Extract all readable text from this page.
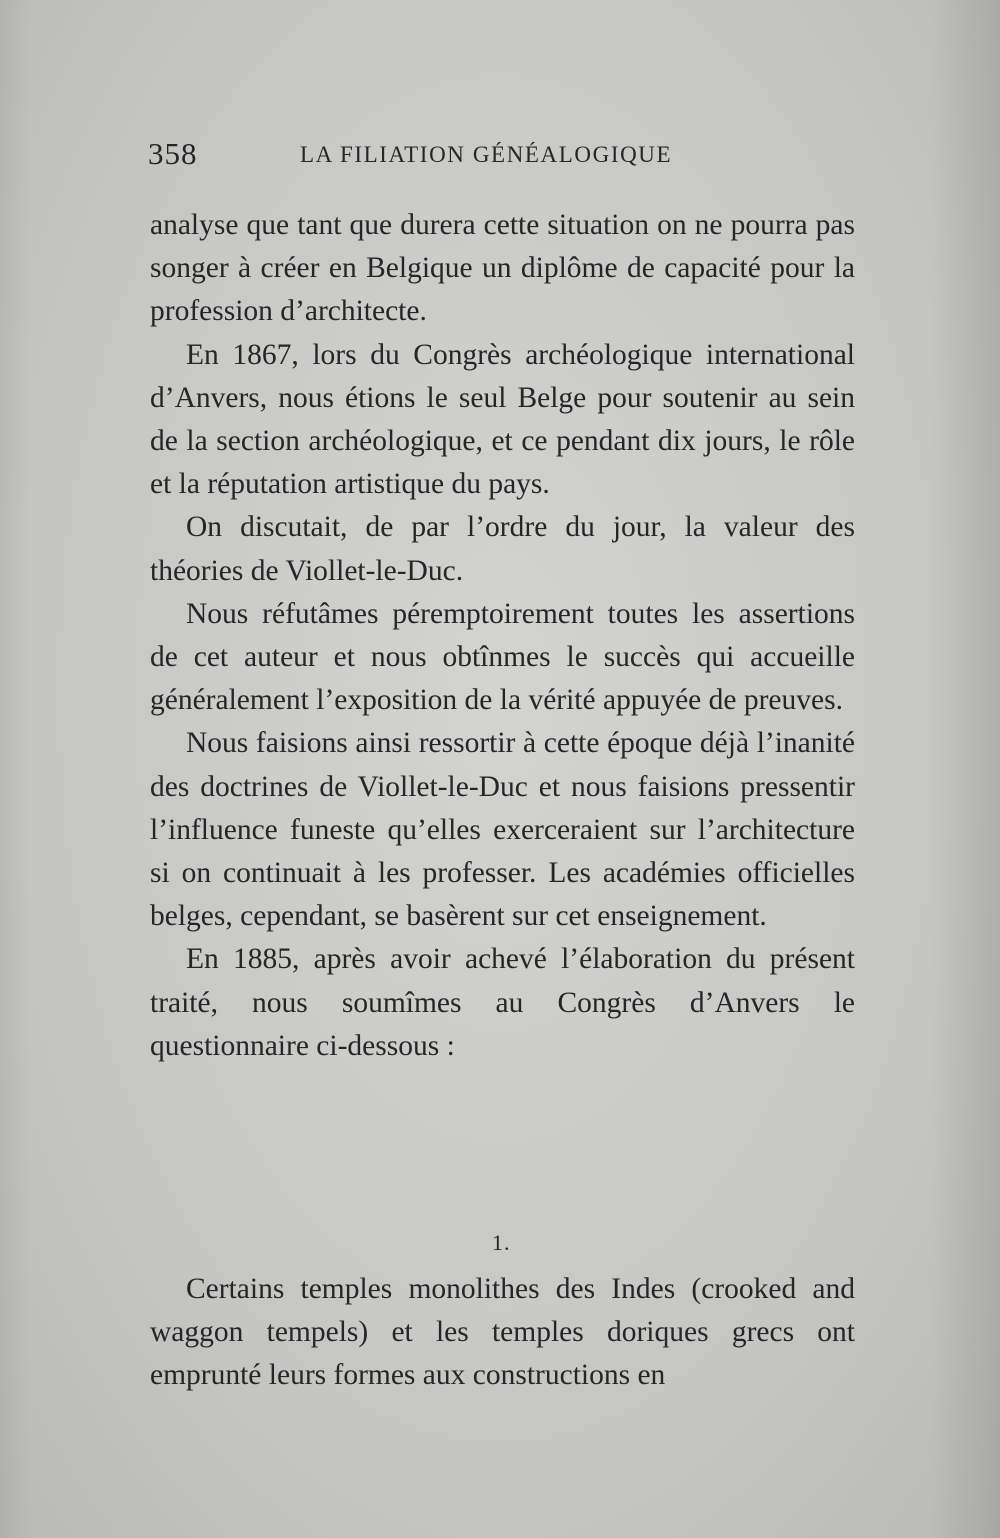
358	LA FILIATION GÉNÉALOGIQUE

analyse que tant que durera cette situation on ne pourra pas songer à créer en Belgique un diplôme de capacité pour la profession d’architecte.

En 1867, lors du Congrès archéologique international d’Anvers, nous étions le seul Belge pour soutenir au sein de la section archéologique, et ce pendant dix jours, le rôle et la réputation artistique du pays.

On discutait, de par l’ordre du jour, la valeur des théories de Viollet-le-Duc.

Nous réfutâmes péremptoirement toutes les assertions de cet auteur et nous obtînmes le succès qui accueille généralement l’exposition de la vérité appuyée de preuves.

Nous faisions ainsi ressortir à cette époque déjà l’inanité des doctrines de Viollet-le-Duc et nous faisions pressentir l’influence funeste qu’elles exerceraient sur l’architecture si on continuait à les professer. Les académies officielles belges, cependant, se basèrent sur cet enseignement.

En 1885, après avoir achevé l’élaboration du présent traité, nous soumîmes au Congrès d’Anvers le questionnaire ci-dessous :

1.

Certains temples monolithes des Indes (crooked and waggon tempels) et les temples doriques grecs ont emprunté leurs formes aux constructions en
